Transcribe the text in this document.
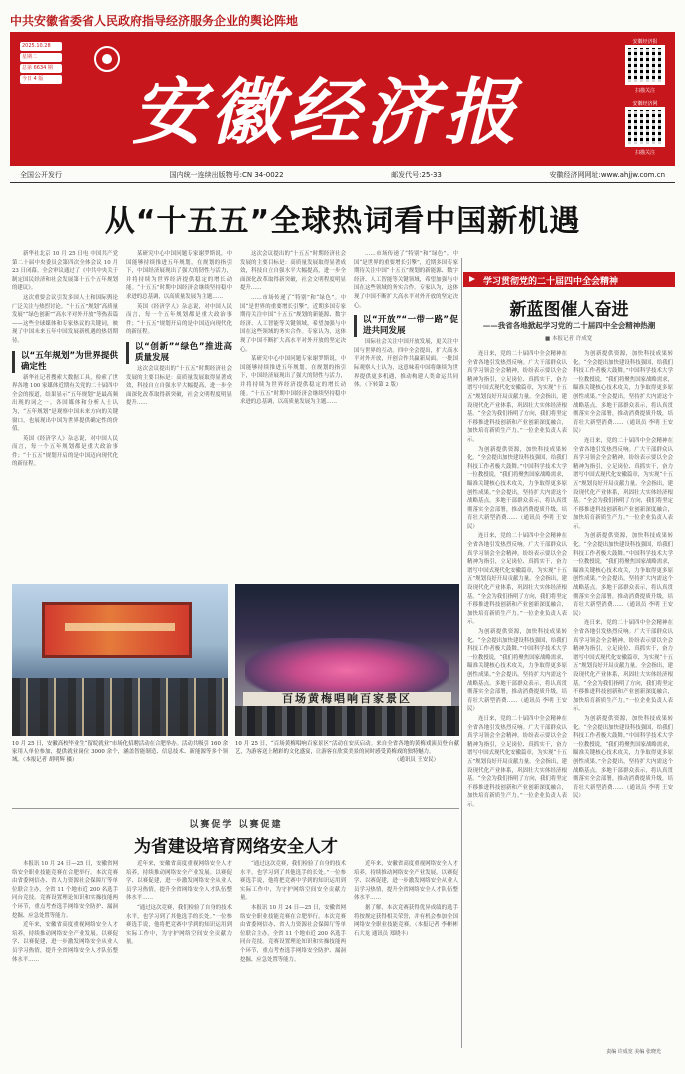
中共安徽省委省人民政府指导经济服务企业的舆论阵地
2025.10.28
星期二
总第 6634 期
今日 4 版 安徽经济报
安徽经济报
扫描关注
安徽经济网
扫描关注
全国公开发行	国内统一连续出版物号:CN 34-0022	邮发代号:25-33	安徽经济网网址:www.ahjjw.com.cn
从“十五五”全球热词看中国新机遇

新华社北京 10 月 25 日电 中国共产党第二十届中央委员会第四次全体会议 10 月 23 日闭幕。全会审议通过了《中共中央关于制定国民经济和社会发展第十五个五年规划的建议》。

这次重要会议引发多国人士和国际舆论广泛关注与热烈讨论。“十五五”规划“高质量发展”“绿色创新”“高水平对外开放”等热表篇——这些全球媒体和专家热议的关键词，映现了中国未来五年中国发展新机遇的热切期待。

以“五年规划”为世界提供确定性

新华社记者搜索大数据工具，检索了世界各地 100 家媒体近期有关党的二十届四中全会的报道，结果显示“五年规划”是最高频出现的词之一。各国媒体和分析人士认为，“五年规划”是观察中国未来方向的关键窗口，也展现出中国为世界提供确定性的价值。

英国《经济学人》杂志说，对中国人民而言，每一个五年规划都是重大政治事件；“十五五”规划开启的是中国迈向现代化的新征程。

某研究中心中国问题专家谢罗斯说，中国能够持续推进五年规划，在规划的指引下，中国经济展现出了强大的韧性与活力，并将持续为世界经济提供稳定的增长动能。“十五五”时期中国经济会继续坚持稳中求进的总基调，以高质量发展为主题……

英国《经济学人》杂志说，对中国人民而言，每一个五年规划都是重大政治事件；“十五五”规划开启的是中国迈向现代化的新征程。

以“创新”“绿色”推进高质量发展

这次会议提出的“十五五”时期经济社会发展的主要目标是：高质量发展取得显著成效，科技自立自强水平大幅提高，进一步全面深化改革取得新突破，社会文明程度明显提升……

这次会议提出的“十五五”时期经济社会发展的主要目标是：高质量发展取得显著成效，科技自立自强水平大幅提高，进一步全面深化改革取得新突破，社会文明程度明显提升……

……市场传递了“特别”和“绿色”。中国“是世界的重要增长引擎”，近期多国专家期待关注中国“十五五”规划的新能源、数字经济、人工智能等关键领域，希望加强与中国在这些领域的务实合作。专家认为，这体现了中国不断扩大高水平对外开放的坚定决心。

某研究中心中国问题专家谢罗斯说，中国能够持续推进五年规划，在规划的指引下，中国经济展现出了强大的韧性与活力，并将持续为世界经济提供稳定的增长动能。“十五五”时期中国经济会继续坚持稳中求进的总基调，以高质量发展为主题……

……市场传递了“特别”和“绿色”。中国“是世界的重要增长引擎”，近期多国专家期待关注中国“十五五”规划的新能源、数字经济、人工智能等关键领域，希望加强与中国在这些领域的务实合作。专家认为，这体现了中国不断扩大高水平对外开放的坚定决心。

以“开放”“一带一路”促进共同发展

国际社会关注中国开放发展，更关注中国与世界的互动。四中全会提出，扩大高水平对外开放，开创合作共赢新局面。一批国际观察人士认为，这意味着中国将继续为世界提供更多机遇，推动构建人类命运共同体。（下转第 2 版）

学习贯彻党的二十届四中全会精神
新蓝图催人奋进
——我省各地掀起学习党的二十届四中全会精神热潮
■ 本报记者 许成宽

连日来，党的二十届四中全会精神在全省各地引发热烈反响。广大干部群众认真学习领会全会精神，纷纷表示要以全会精神为指引，立足岗位、真抓实干，奋力谱写中国式现代化安徽篇章，为实现“十五五”规划良好开局贡献力量。全会指出，建设现代化产业体系，巩固壮大实体经济根基。“全会为我们指明了方向，我们将坚定不移推进科技创新和产业创新深度融合，加快培育新质生产力。”一位企业负责人表示。

为创新提供资源，加快科技成果转化。“全会提出加快建设科技强国，给我们科技工作者极大鼓舞。”中国科学技术大学一位教授说，“我们将聚焦国家战略需求，瞄准关键核心技术攻关，力争取得更多原创性成果。”全会提出，坚持扩大内需这个战略基点。多地干部群众表示，将认真贯彻落实全会部署，推动消费提质升级，培育壮大新型消费……（通讯员 李明 王安民）

连日来，党的二十届四中全会精神在全省各地引发热烈反响。广大干部群众认真学习领会全会精神，纷纷表示要以全会精神为指引，立足岗位、真抓实干，奋力谱写中国式现代化安徽篇章，为实现“十五五”规划良好开局贡献力量。全会指出，建设现代化产业体系，巩固壮大实体经济根基。“全会为我们指明了方向，我们将坚定不移推进科技创新和产业创新深度融合，加快培育新质生产力。”一位企业负责人表示。

为创新提供资源，加快科技成果转化。“全会提出加快建设科技强国，给我们科技工作者极大鼓舞。”中国科学技术大学一位教授说，“我们将聚焦国家战略需求，瞄准关键核心技术攻关，力争取得更多原创性成果。”全会提出，坚持扩大内需这个战略基点。多地干部群众表示，将认真贯彻落实全会部署，推动消费提质升级，培育壮大新型消费……（通讯员 李明 王安民）

连日来，党的二十届四中全会精神在全省各地引发热烈反响。广大干部群众认真学习领会全会精神，纷纷表示要以全会精神为指引，立足岗位、真抓实干，奋力谱写中国式现代化安徽篇章，为实现“十五五”规划良好开局贡献力量。全会指出，建设现代化产业体系，巩固壮大实体经济根基。“全会为我们指明了方向，我们将坚定不移推进科技创新和产业创新深度融合，加快培育新质生产力。”一位企业负责人表示。

为创新提供资源，加快科技成果转化。“全会提出加快建设科技强国，给我们科技工作者极大鼓舞。”中国科学技术大学一位教授说，“我们将聚焦国家战略需求，瞄准关键核心技术攻关，力争取得更多原创性成果。”全会提出，坚持扩大内需这个战略基点。多地干部群众表示，将认真贯彻落实全会部署，推动消费提质升级，培育壮大新型消费……（通讯员 李明 王安民）

连日来，党的二十届四中全会精神在全省各地引发热烈反响。广大干部群众认真学习领会全会精神，纷纷表示要以全会精神为指引，立足岗位、真抓实干，奋力谱写中国式现代化安徽篇章，为实现“十五五”规划良好开局贡献力量。全会指出，建设现代化产业体系，巩固壮大实体经济根基。“全会为我们指明了方向，我们将坚定不移推进科技创新和产业创新深度融合，加快培育新质生产力。”一位企业负责人表示。

为创新提供资源，加快科技成果转化。“全会提出加快建设科技强国，给我们科技工作者极大鼓舞。”中国科学技术大学一位教授说，“我们将聚焦国家战略需求，瞄准关键核心技术攻关，力争取得更多原创性成果。”全会提出，坚持扩大内需这个战略基点。多地干部群众表示，将认真贯彻落实全会部署，推动消费提质升级，培育壮大新型消费……（通讯员 李明 王安民）

连日来，党的二十届四中全会精神在全省各地引发热烈反响。广大干部群众认真学习领会全会精神，纷纷表示要以全会精神为指引，立足岗位、真抓实干，奋力谱写中国式现代化安徽篇章，为实现“十五五”规划良好开局贡献力量。全会指出，建设现代化产业体系，巩固壮大实体经济根基。“全会为我们指明了方向，我们将坚定不移推进科技创新和产业创新深度融合，加快培育新质生产力。”一位企业负责人表示。

为创新提供资源，加快科技成果转化。“全会提出加快建设科技强国，给我们科技工作者极大鼓舞。”中国科学技术大学一位教授说，“我们将聚焦国家战略需求，瞄准关键核心技术攻关，力争取得更多原创性成果。”全会提出，坚持扩大内需这个战略基点。多地干部群众表示，将认真贯彻落实全会部署，推动消费提质升级，培育壮大新型消费……（通讯员 李明 王安民）

10 月 25 日，安徽高校毕业生“留皖就业”市场化招聘活动在合肥举办。活动共吸引 160 余家用人单位参加，提供就业岗位 3000 余个，涵盖智能制造、信息技术、新能源等多个领域。（本报记者 胡明辉 摄）
百场黄梅唱响百家景区
10 月 25 日，“百场黄梅唱响百家景区”活动在安庆启动。来自全省各地的黄梅戏演员登台献艺，为游客送上精彩的文化盛宴，让游客在欣赏美景的同时感受黄梅戏的独特魅力。
（通讯员 王安民）
以赛促学 以赛促建
为省建设培育网络安全人才

本报讯 10 月 24 日—25 日，安徽省网络安全职业技能竞赛在合肥举行。本次竞赛由省委网信办、省人力资源社会保障厅等单位联合主办，全省 11 个地市近 200 名选手同台竞技。竞赛设置理论知识和实操技能两个环节，重点考查选手网络安全防护、漏洞挖掘、应急处置等能力。

近年来，安徽省高度重视网络安全人才培养，持续推动网络安全产业发展。以赛促学、以赛促建，进一步激发网络安全从业人员学习热情，提升全省网络安全人才队伍整体水平……

近年来，安徽省高度重视网络安全人才培养，持续推动网络安全产业发展。以赛促学、以赛促建，进一步激发网络安全从业人员学习热情，提升全省网络安全人才队伍整体水平……

“通过这次竞赛，我们检验了自身的技术水平，也学习到了其他选手的长处。”一位参赛选手说，他将把竞赛中学到的知识运用到实际工作中，为守护网络空间安全贡献力量。

“通过这次竞赛，我们检验了自身的技术水平，也学习到了其他选手的长处。”一位参赛选手说，他将把竞赛中学到的知识运用到实际工作中，为守护网络空间安全贡献力量。

本报讯 10 月 24 日—25 日，安徽省网络安全职业技能竞赛在合肥举行。本次竞赛由省委网信办、省人力资源社会保障厅等单位联合主办，全省 11 个地市近 200 名选手同台竞技。竞赛设置理论知识和实操技能两个环节，重点考查选手网络安全防护、漏洞挖掘、应急处置等能力。

近年来，安徽省高度重视网络安全人才培养，持续推动网络安全产业发展。以赛促学、以赛促建，进一步激发网络安全从业人员学习热情，提升全省网络安全人才队伍整体水平……

据了解，本次竞赛获得优异成绩的选手将按规定获得相关荣誉，并有机会参加全国网络安全职业技能竞赛。（本报记者 李彬彬 石大龙 通讯员 郑晓丰）

责编 许成宽 美编 张晓光
